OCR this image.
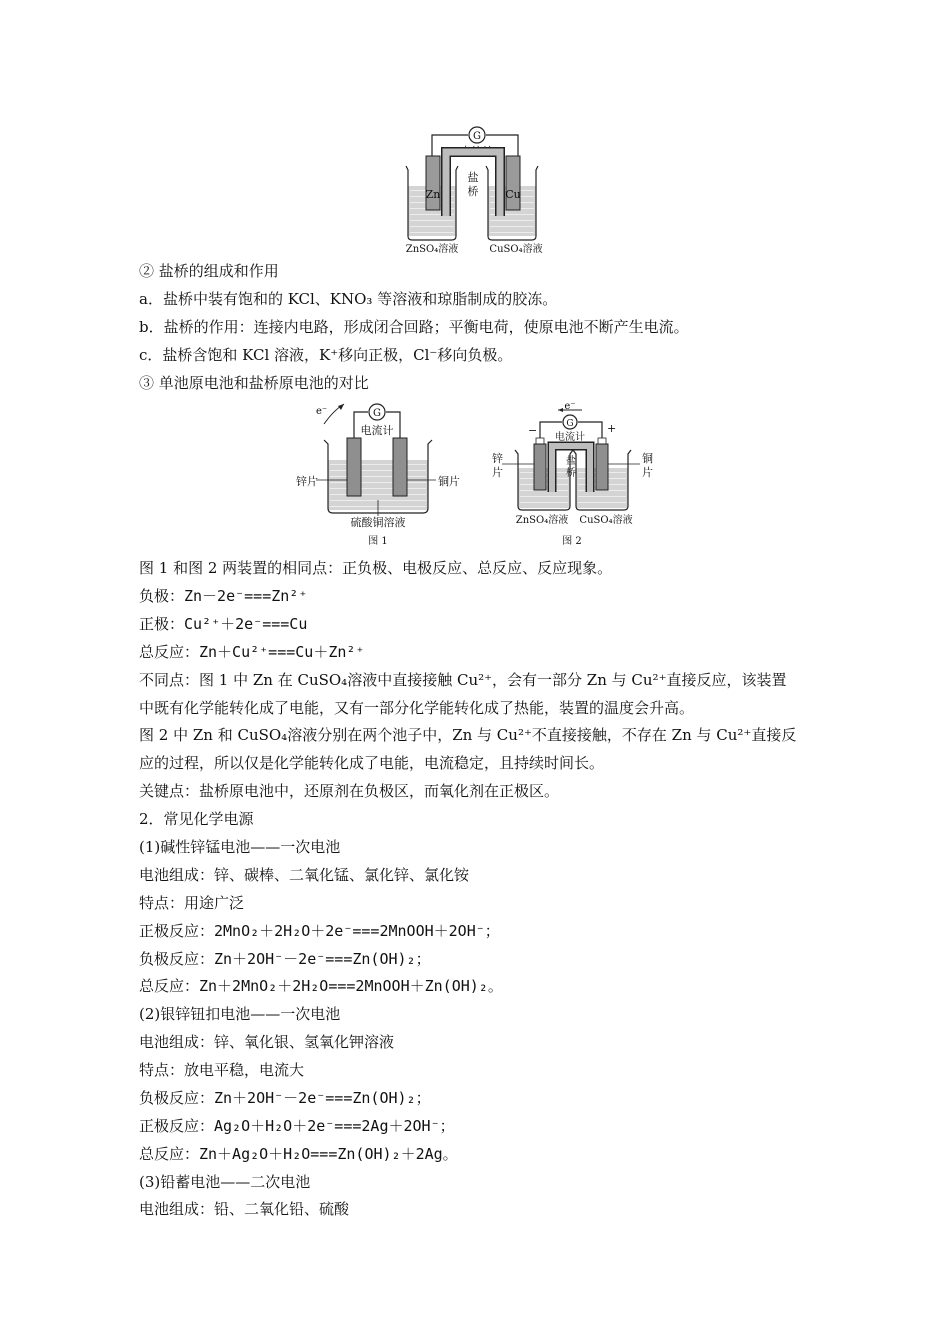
G
电流计
Zn	Cu
盐
桥
ZnSO₄溶液	CuSO₄溶液
② 盐桥的组成和作用
a．盐桥中装有饱和的 KCl、KNO₃ 等溶液和琼脂制成的胶冻。
b．盐桥的作用：连接内电路，形成闭合回路；平衡电荷，使原电池不断产生电流。
c．盐桥含饱和 KCl 溶液，K⁺移向正极，Cl⁻移向负极。
③ 单池原电池和盐桥原电池的对比
e⁻	G
电流计
锌片	铜片
硫酸铜溶液
图 1
e⁻
G
电流计
−	+
盐
桥
锌
片
铜
片
ZnSO₄溶液 CuSO₄溶液
图 2
图 1 和图 2 两装置的相同点：正负极、电极反应、总反应、反应现象。
负极：Zn－2e⁻===Zn²⁺
正极：Cu²⁺＋2e⁻===Cu
总反应：Zn＋Cu²⁺===Cu＋Zn²⁺
不同点：图 1 中 Zn 在 CuSO₄溶液中直接接触 Cu²⁺，会有一部分 Zn 与 Cu²⁺直接反应，该装置
中既有化学能转化成了电能，又有一部分化学能转化成了热能，装置的温度会升高。
图 2 中 Zn 和 CuSO₄溶液分别在两个池子中，Zn 与 Cu²⁺不直接接触，不存在 Zn 与 Cu²⁺直接反
应的过程，所以仅是化学能转化成了电能，电流稳定，且持续时间长。
关键点：盐桥原电池中，还原剂在负极区，而氧化剂在正极区。
2．常见化学电源
(1)碱性锌锰电池——一次电池
电池组成：锌、碳棒、二氧化锰、氯化锌、氯化铵
特点：用途广泛
正极反应：2MnO₂＋2H₂O＋2e⁻===2MnOOH＋2OH⁻；
负极反应：Zn＋2OH⁻－2e⁻===Zn(OH)₂；
总反应：Zn＋2MnO₂＋2H₂O===2MnOOH＋Zn(OH)₂。
(2)银锌钮扣电池——一次电池
电池组成：锌、氧化银、氢氧化钾溶液
特点：放电平稳，电流大
负极反应：Zn＋2OH⁻－2e⁻===Zn(OH)₂；
正极反应：Ag₂O＋H₂O＋2e⁻===2Ag＋2OH⁻；
总反应：Zn＋Ag₂O＋H₂O===Zn(OH)₂＋2Ag。
(3)铅蓄电池——二次电池
电池组成：铅、二氧化铅、硫酸
